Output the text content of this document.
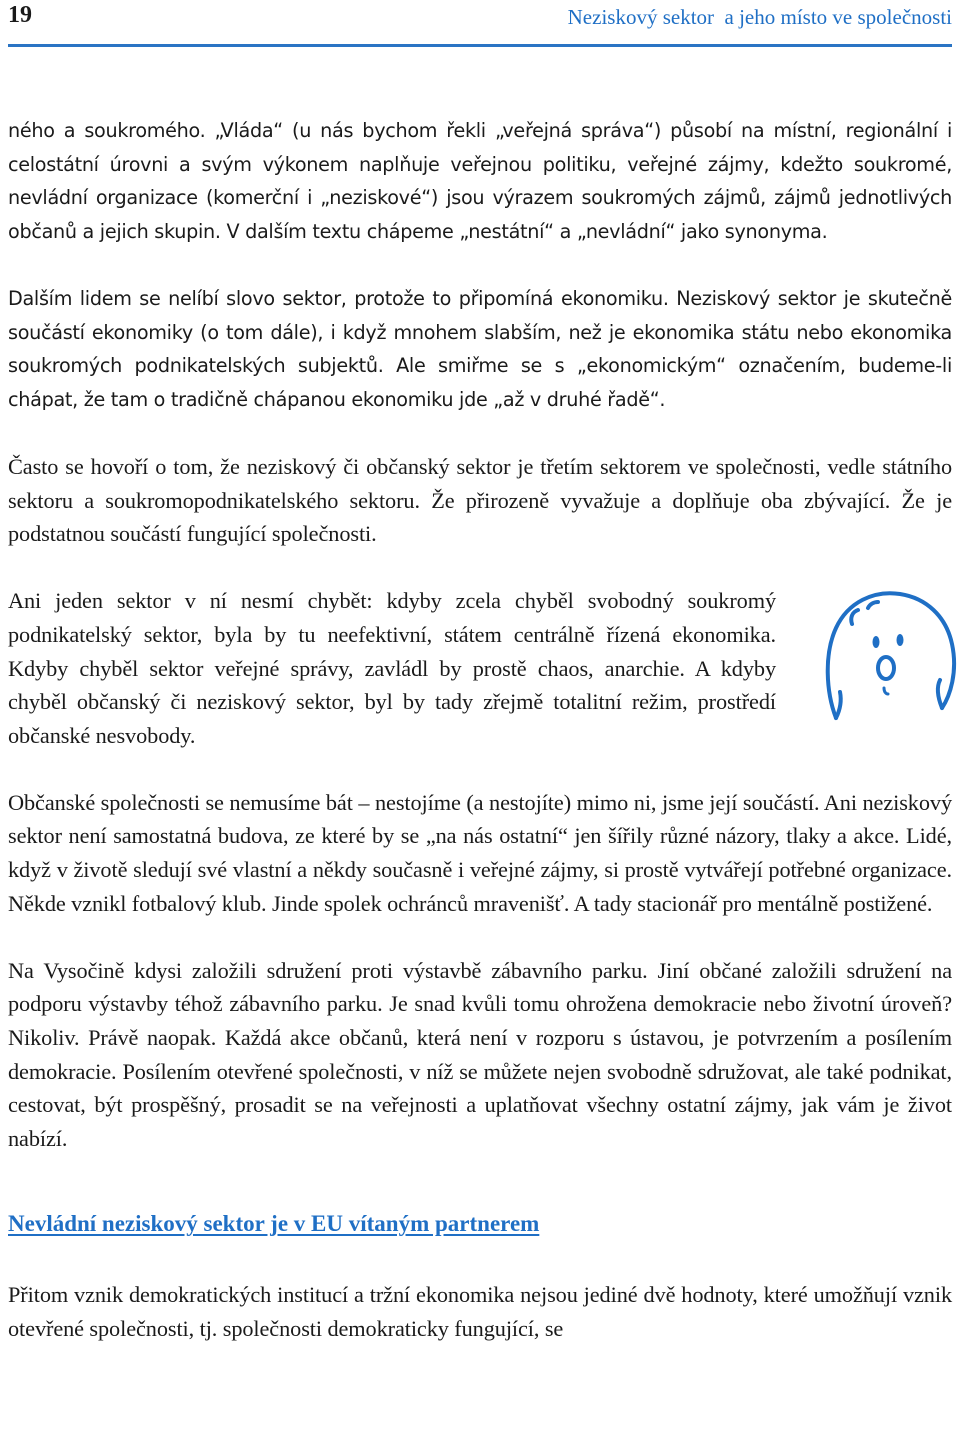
19	Neziskový sektor  a jeho místo ve společnosti

ného a soukromého. „Vláda“ (u nás bychom řekli „veřejná správa“) působí na místní, regionální i celostátní úrovni a svým výkonem naplňuje veřejnou politiku, veřejné zájmy, kdežto soukromé, nevládní organizace (komerční i „neziskové“) jsou výrazem soukromých zájmů, zájmů jednotlivých občanů a jejich skupin. V dalším textu chápeme „nestátní“ a „nevládní“ jako synonyma.

Dalším lidem se nelíbí slovo sektor, protože to připomíná ekonomiku. Neziskový sektor je skutečně součástí ekonomiky (o tom dále), i když mnohem slabším, než je ekonomika státu nebo ekonomika soukromých podnikatelských subjektů. Ale smiřme se s „ekonomickým“ označením, budeme-li chápat, že tam o tradičně chápanou ekonomiku jde „až v druhé řadě“.

Často se hovoří o tom, že neziskový či občanský sektor je třetím sektorem ve společnosti, vedle státního sektoru a soukromopodnikatelského sektoru. Že přirozeně vyvažuje a doplňuje oba zbývající. Že je podstatnou součástí fungující společnosti.

Ani jeden sektor v ní nesmí chybět: kdyby zcela chyběl svobodný soukromý podnikatelský sektor, byla by tu neefektivní, státem centrálně řízená ekonomika. Kdyby chyběl sektor veřejné správy, zavládl by prostě chaos, anarchie. A kdyby chyběl občanský či neziskový sektor, byl by tady zřejmě totalitní režim, prostředí občanské nesvobody.

Občanské společnosti se nemusíme bát – nestojíme (a nestojíte) mimo ni, jsme její součástí. Ani neziskový sektor není samostatná budova, ze které by se „na nás ostatní“ jen šířily různé názory, tlaky a akce. Lidé, když v životě sledují své vlastní a někdy současně i veřejné zájmy, si prostě vytvářejí potřebné organizace. Někde vznikl fotbalový klub. Jinde spolek ochránců mravenišť. A tady stacionář pro mentálně postižené.

Na Vysočině kdysi založili sdružení proti výstavbě zábavního parku. Jiní občané založili sdružení na podporu výstavby téhož zábavního parku. Je snad kvůli tomu ohrožena demokracie nebo životní úroveň? Nikoliv. Právě naopak. Každá akce občanů, která není v rozporu s ústavou, je potvrzením a posílením demokracie. Posílením otevřené společnosti, v níž se můžete nejen svobodně sdružovat, ale také podnikat, cestovat, být prospěšný, prosadit se na veřejnosti a uplatňovat všechny ostatní zájmy, jak vám je život nabízí.

Nevládní neziskový sektor je v EU vítaným partnerem

Přitom vznik demokratických institucí a tržní ekonomika nejsou jediné dvě hodnoty, které umožňují vznik otevřené společnosti, tj. společnosti demokraticky fungující, se
